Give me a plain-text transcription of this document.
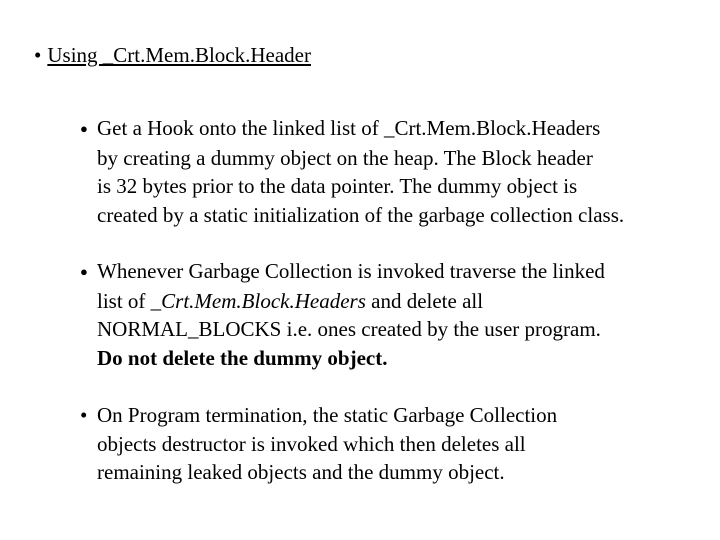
• Using _Crt.Mem.Block.Header
● Get a Hook onto the linked list of _Crt.Mem.Block.Headers
by creating a dummy object on the heap. The Block header
is 32 bytes prior to the data pointer. The dummy object is
created by a static initialization of the garbage collection class.
● Whenever Garbage Collection is invoked traverse the linked
list of _Crt.Mem.Block.Headers and delete all
NORMAL_BLOCKS i.e. ones created by the user program.
Do not delete the dummy object.
• On Program termination, the static Garbage Collection
objects destructor is invoked which then deletes all
remaining leaked objects and the dummy object.
